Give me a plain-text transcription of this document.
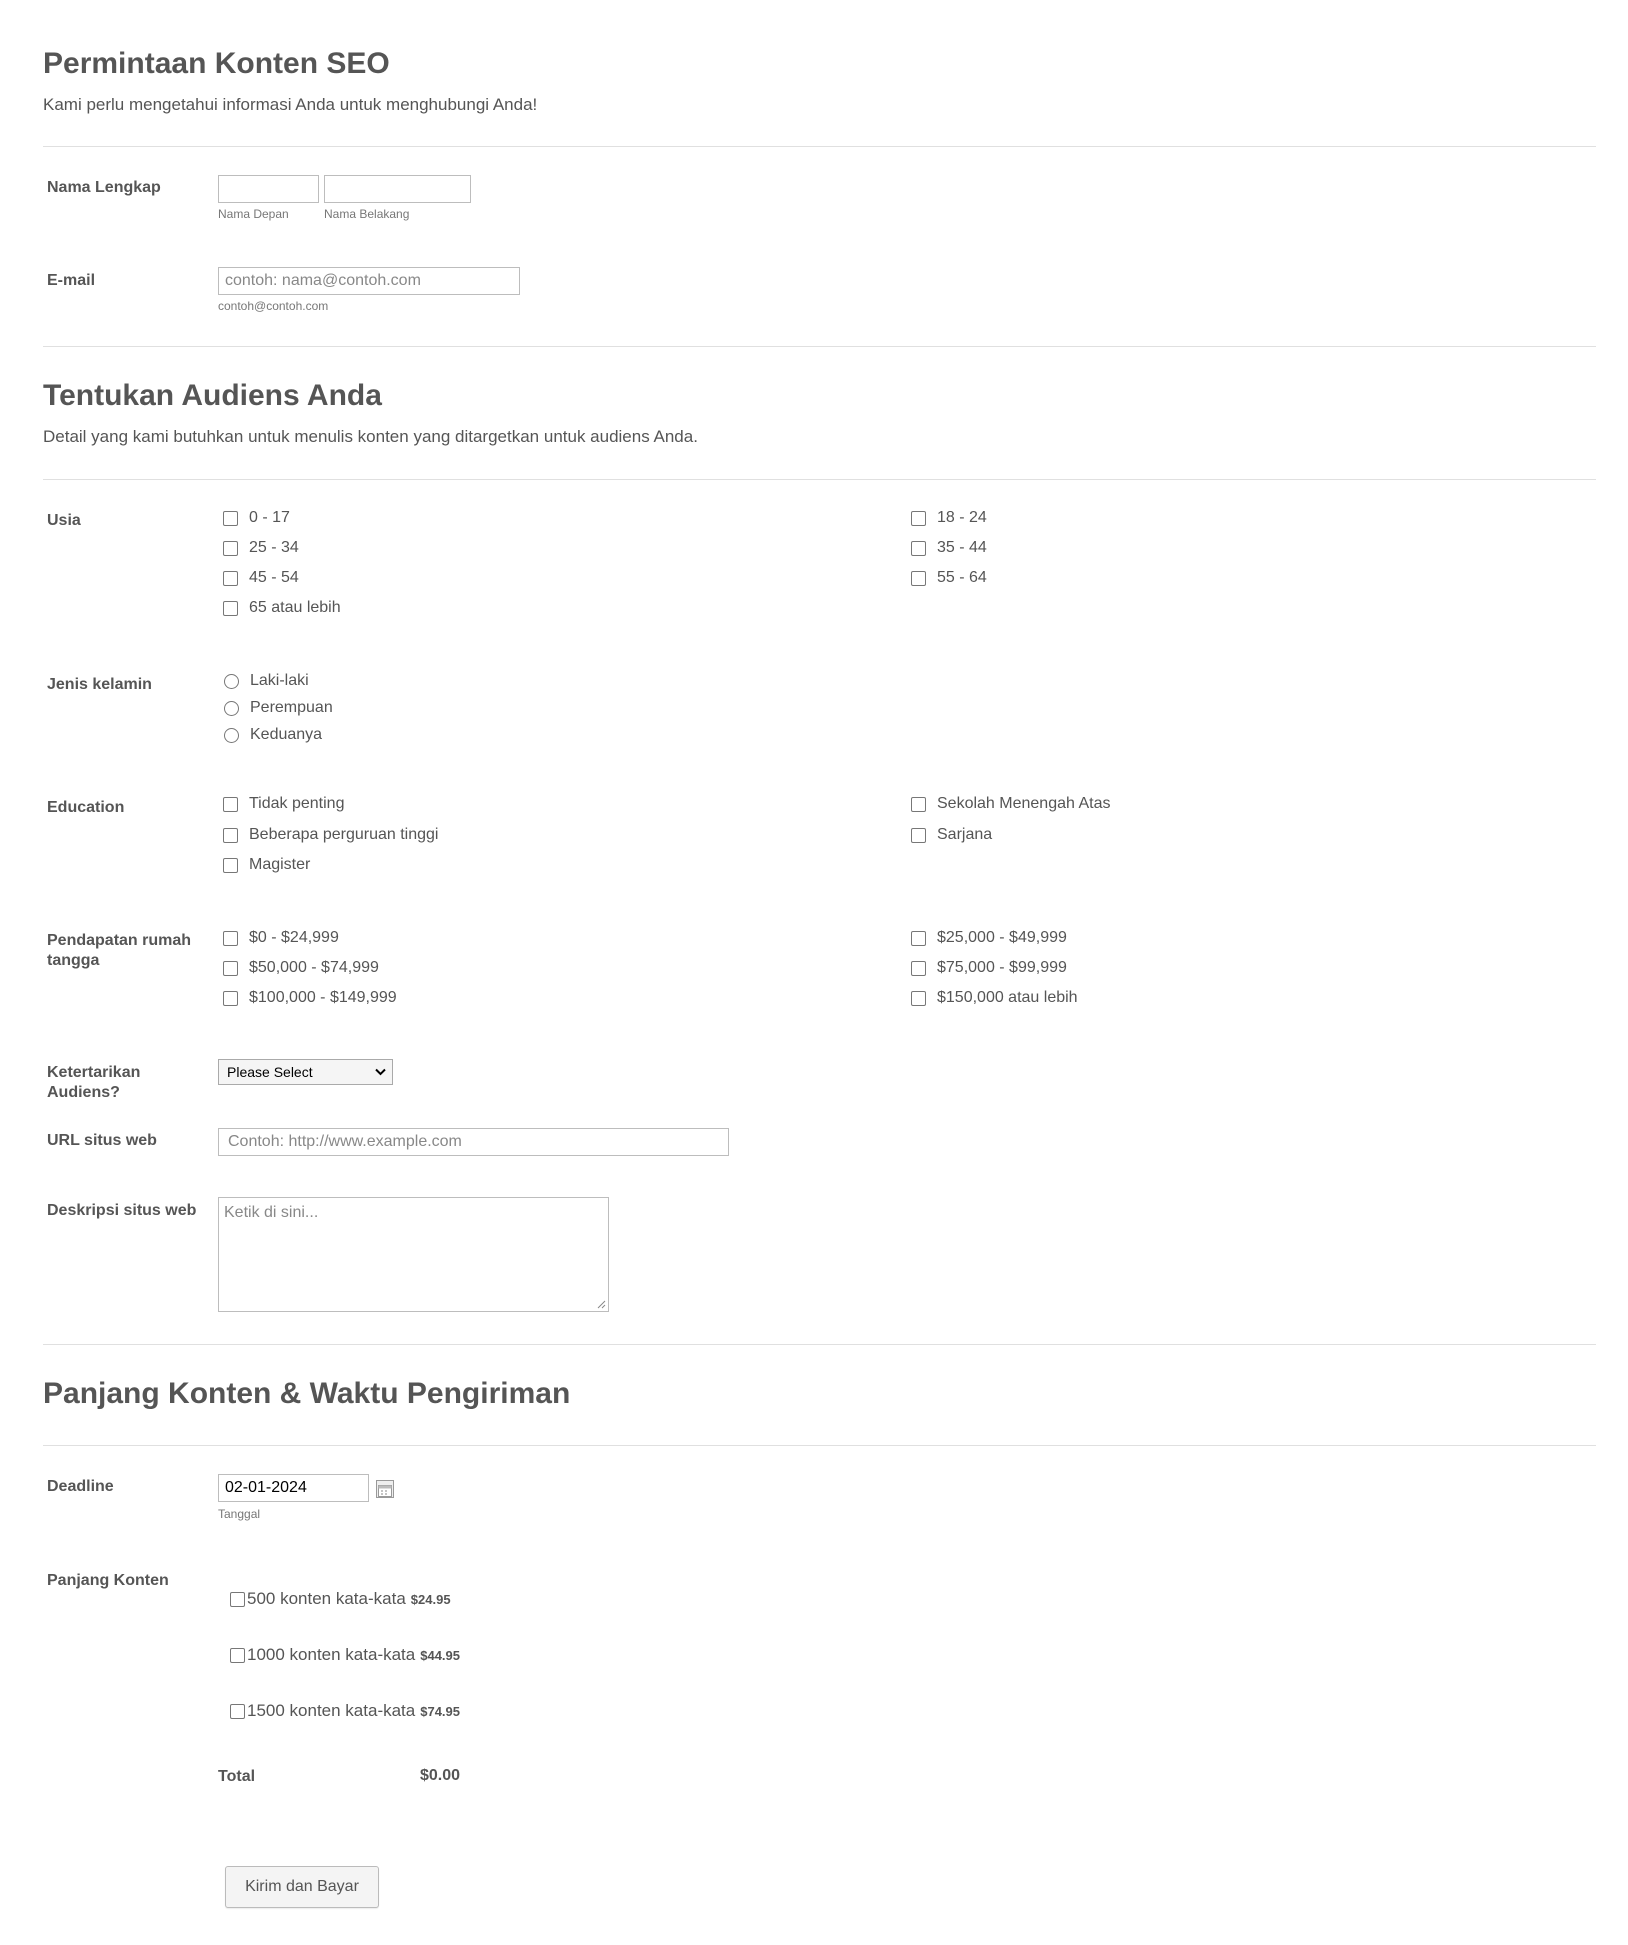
Permintaan Konten SEO
Kami perlu mengetahui informasi Anda untuk menghubungi Anda!
Nama Lengkap
Nama Depan	Nama Belakang
E-mail
contoh: nama@contoh.com
contoh@contoh.com
Tentukan Audiens Anda
Detail yang kami butuhkan untuk menulis konten yang ditargetkan untuk audiens Anda.
Usia	0 - 17	18 - 24
25 - 34	35 - 44
45 - 54	55 - 64
65 atau lebih
Jenis kelamin	Laki-laki
Perempuan
Keduanya
Education	Tidak penting	Sekolah Menengah Atas
Beberapa perguruan tinggi	Sarjana
Magister
Pendapatan rumah
tangga
$0 - $24,999	$25,000 - $49,999
$50,000 - $74,999	$75,000 - $99,999
$100,000 - $149,999	$150,000 atau lebih
Ketertarikan
Audiens?
Please Select
URL situs web
Contoh: http://www.example.com
Deskripsi situs web	Ketik di sini...
Panjang Konten & Waktu Pengiriman
Deadline	02-01-2024
Tanggal
Panjang Konten
500 konten kata-kata $24.95
1000 konten kata-kata $44.95
1500 konten kata-kata $74.95
Total	$0.00
Kirim dan Bayar
